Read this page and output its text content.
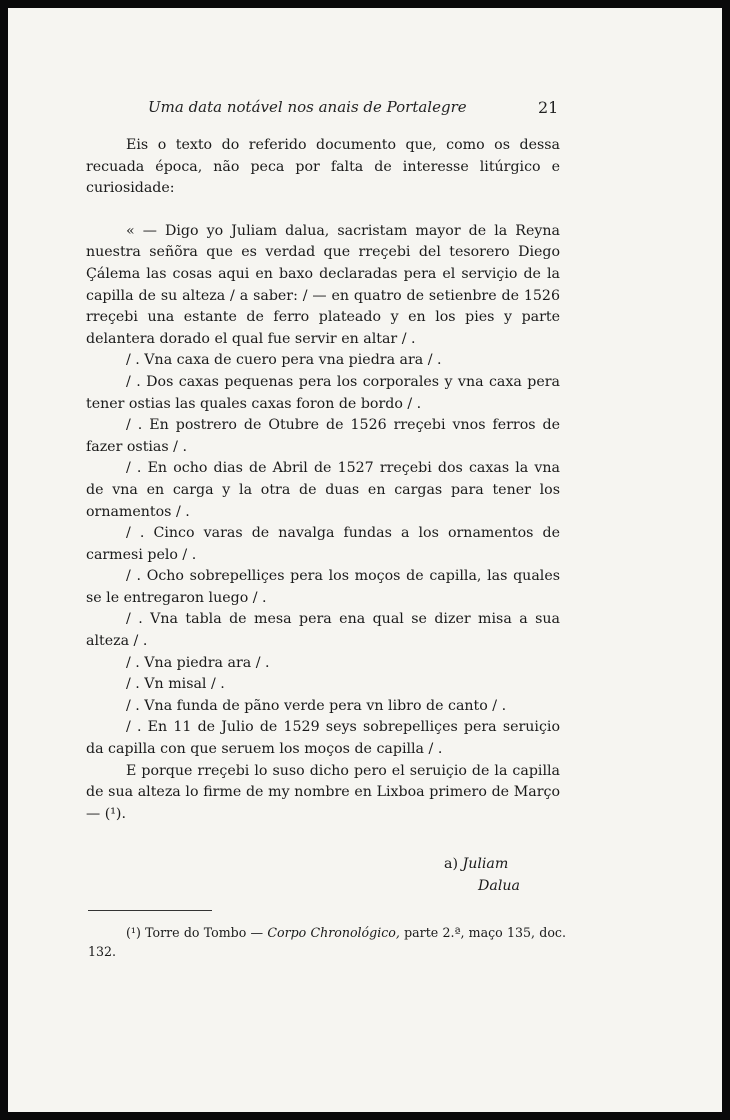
Uma data notável nos anais de Portalegre	21

Eis o texto do referido documento que, como os dessa recuada época, não peca por falta de interesse litúrgico e curiosidade:

« — Digo yo Juliam dalua, sacristam mayor de la Reyna nuestra señõra que es verdad que rreçebi del tesorero Diego Çálema las cosas aqui en baxo declaradas pera el serviçio de la capilla de su alteza / a saber: / — en quatro de setienbre de 1526 rreçebi una estante de ferro plateado y en los pies y parte delantera dorado el qual fue servir en altar / .

/ . Vna caxa de cuero pera vna piedra ara / .

/ . Dos caxas pequenas pera los corporales y vna caxa pera tener ostias las quales caxas foron de bordo / .

/ . En postrero de Otubre de 1526 rreçebi vnos ferros de fazer ostias / .

/ . En ocho dias de Abril de 1527 rreçebi dos caxas la vna de vna en carga y la otra de duas en cargas para tener los ornamentos / .

/ . Cinco varas de navalga fundas a los ornamentos de carmesi pelo / .

/ . Ocho sobrepelliçes pera los moços de capilla, las quales se le entregaron luego / .

/ . Vna tabla de mesa pera ena qual se dizer misa a sua alteza / .

/ . Vna piedra ara / .

/ . Vn misal / .

/ . Vna funda de pãno verde pera vn libro de canto / .

/ . En 11 de Julio de 1529 seys sobrepelliçes pera seruiçio da capilla con que seruem los moços de capilla / .

E porque rreçebi lo suso dicho pero el seruiçio de la capilla de sua alteza lo firme de my nombre en Lixboa primero de Março — (¹).

a) Juliam
Dalua
(¹) Torre do Tombo — Corpo Chronológico, parte 2.ª, maço 135, doc. 132.
